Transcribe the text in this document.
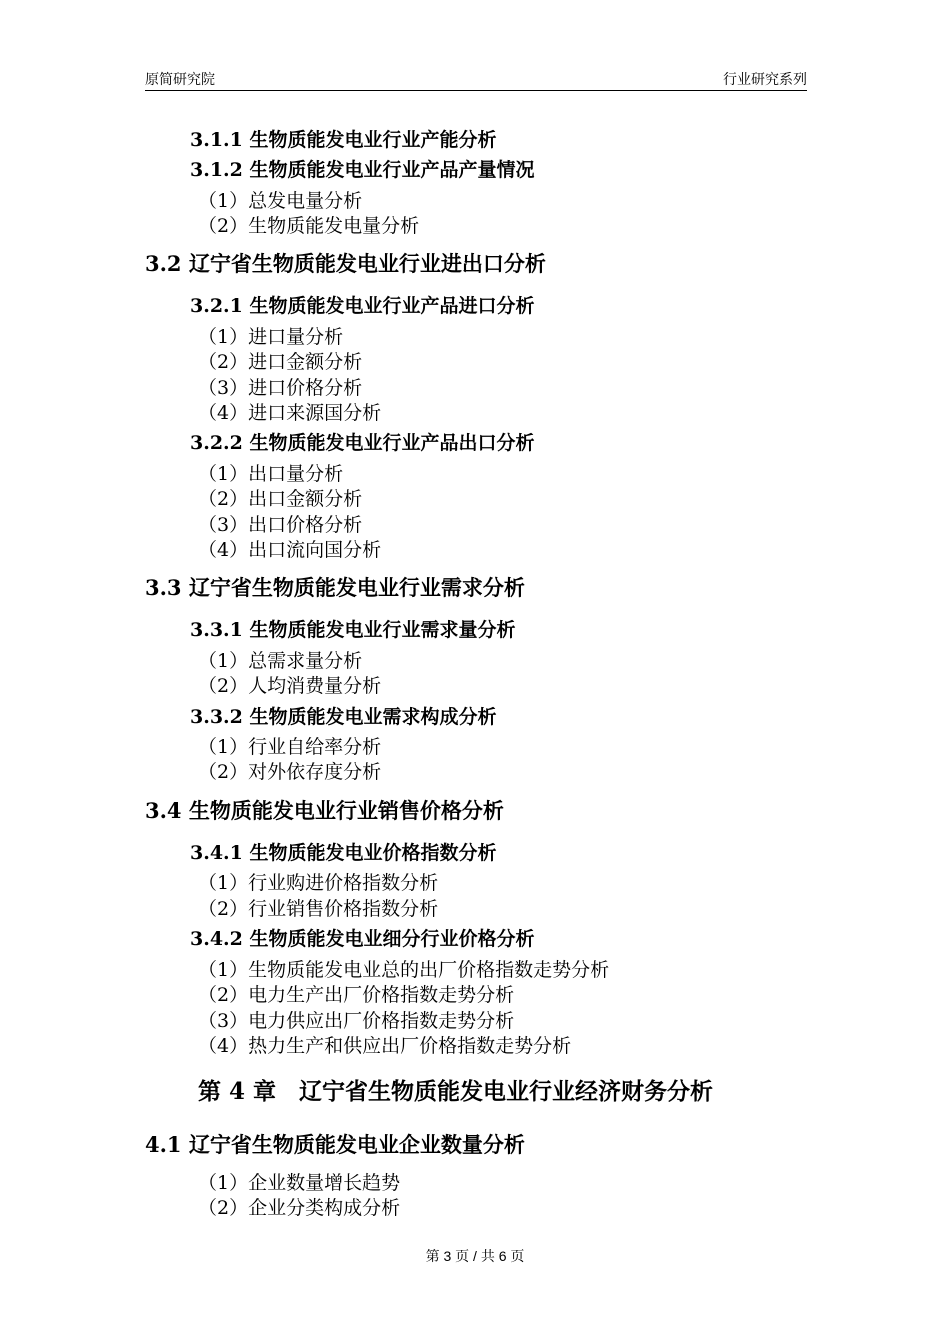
原简研究院	行业研究系列
3.1.1 生物质能发电业行业产能分析
3.1.2 生物质能发电业行业产品产量情况
（1）总发电量分析
（2）生物质能发电量分析
3.2 辽宁省生物质能发电业行业进出口分析
3.2.1 生物质能发电业行业产品进口分析
（1）进口量分析
（2）进口金额分析
（3）进口价格分析
（4）进口来源国分析
3.2.2 生物质能发电业行业产品出口分析
（1）出口量分析
（2）出口金额分析
（3）出口价格分析
（4）出口流向国分析
3.3 辽宁省生物质能发电业行业需求分析
3.3.1 生物质能发电业行业需求量分析
（1）总需求量分析
（2）人均消费量分析
3.3.2 生物质能发电业需求构成分析
（1）行业自给率分析
（2）对外依存度分析
3.4 生物质能发电业行业销售价格分析
3.4.1 生物质能发电业价格指数分析
（1）行业购进价格指数分析
（2）行业销售价格指数分析
3.4.2 生物质能发电业细分行业价格分析
（1）生物质能发电业总的出厂价格指数走势分析
（2）电力生产出厂价格指数走势分析
（3）电力供应出厂价格指数走势分析
（4）热力生产和供应出厂价格指数走势分析
第 4 章　辽宁省生物质能发电业行业经济财务分析
4.1 辽宁省生物质能发电业企业数量分析
（1）企业数量增长趋势
（2）企业分类构成分析
第 3 页 / 共 6 页
